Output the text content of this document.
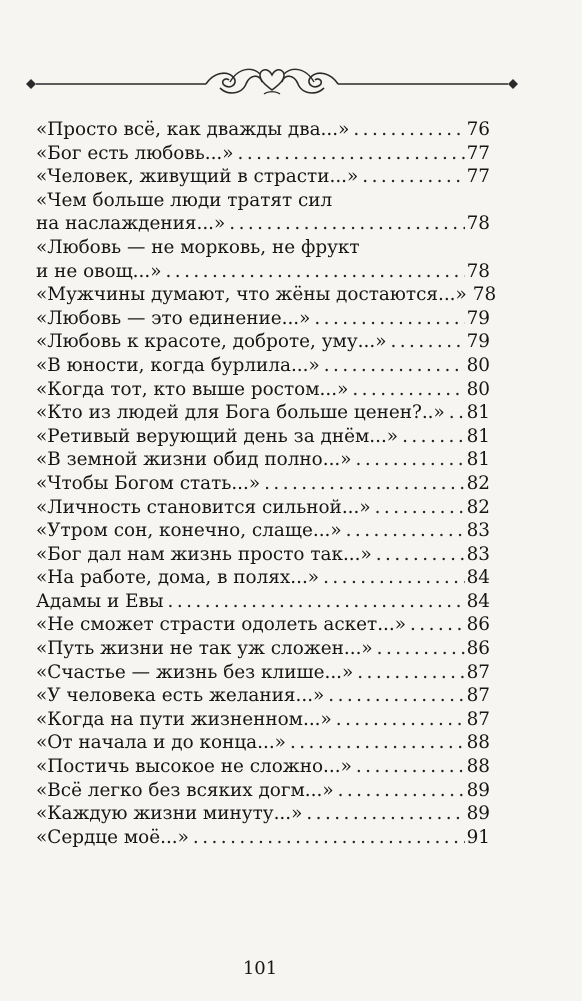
«Просто всё, как дважды два...» . . .	76
«Бог есть любовь...» . . .	77
«Человек, живущий в страсти...» . . .	77
«Чем больше люди тратят сил
на наслаждения...» . . .	78
«Любовь — не морковь, не фрукт
и не овощ...» . . .	78
«Мужчины думают, что жёны достаются...» 78
«Любовь — это единение...» . . .	79
«Любовь к красоте, доброте, уму...» . . .	79
«В юности, когда бурлила...» . . .	80
«Когда тот, кто выше ростом...» . . .	80
«Кто из людей для Бога больше ценен?..» . . . 81
«Ретивый верующий день за днём...» . . .	81
«В земной жизни обид полно...» . . .	81
«Чтобы Богом стать...» . . .	82
«Личность становится сильной...» . . .	82
«Утром сон, конечно, слаще...» . . .	83
«Бог дал нам жизнь просто так...» . . .	83
«На работе, дома, в полях...» . . .	84
Адамы и Евы . . .	84
«Не сможет страсти одолеть аскет...» . . .	86
«Путь жизни не так уж сложен...» . . .	86
«Счастье — жизнь без клише...» . . .	87
«У человека есть желания...» . . .	87
«Когда на пути жизненном...» . . .	87
«От начала и до конца...» . . .	88
«Постичь высокое не сложно...» . . .	88
«Всё легко без всяких догм...» . . .	89
«Каждую жизни минуту...» . . .	89
«Сердце моё...» . . .	91
101
